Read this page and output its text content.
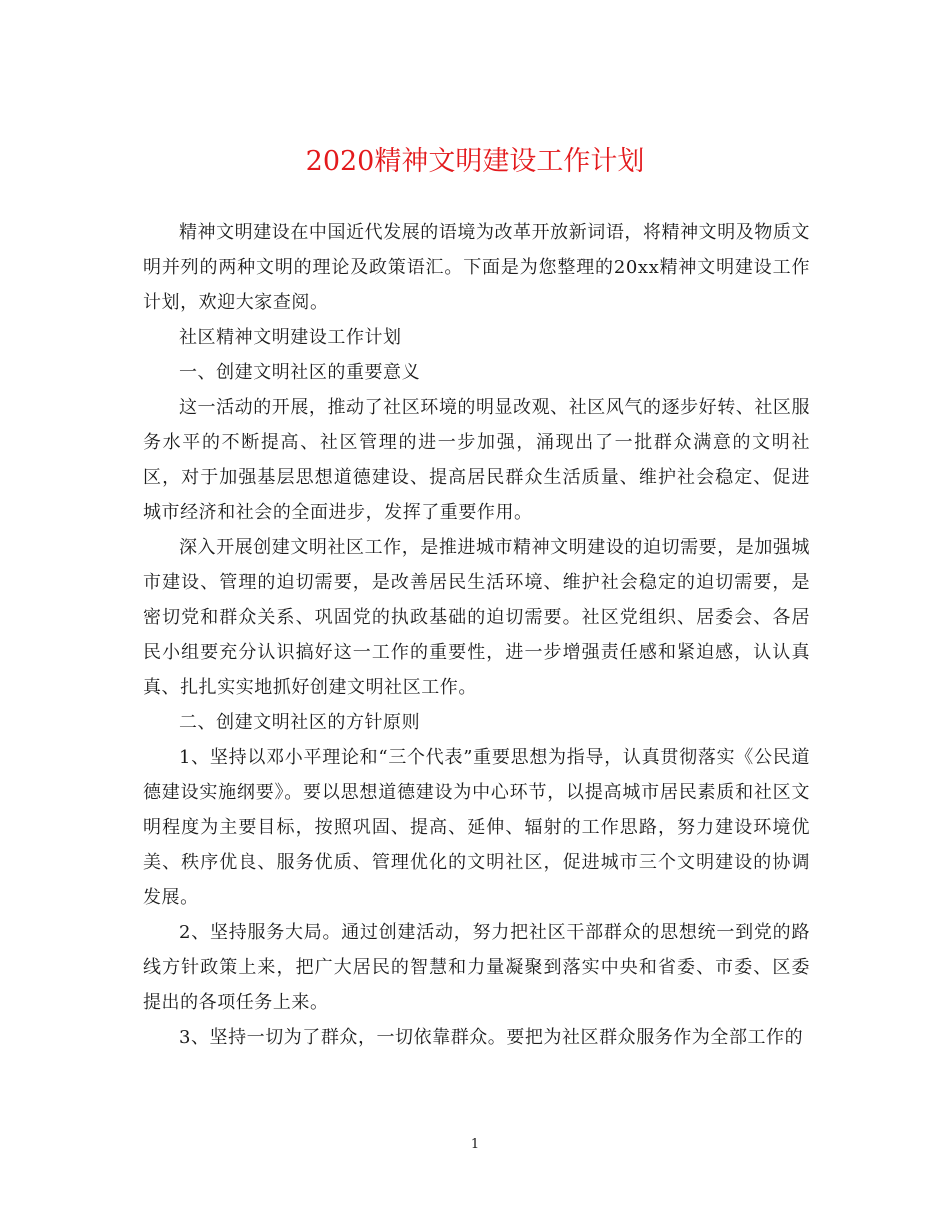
2020精神文明建设工作计划

精神文明建设在中国近代发展的语境为改革开放新词语，将精神文明及物质文明并列的两种文明的理论及政策语汇。下面是为您整理的20xx精神文明建设工作计划，欢迎大家查阅。

社区精神文明建设工作计划

一、创建文明社区的重要意义

这一活动的开展，推动了社区环境的明显改观、社区风气的逐步好转、社区服务水平的不断提高、社区管理的进一步加强，涌现出了一批群众满意的文明社区，对于加强基层思想道德建设、提高居民群众生活质量、维护社会稳定、促进城市经济和社会的全面进步，发挥了重要作用。

深入开展创建文明社区工作，是推进城市精神文明建设的迫切需要，是加强城市建设、管理的迫切需要，是改善居民生活环境、维护社会稳定的迫切需要，是密切党和群众关系、巩固党的执政基础的迫切需要。社区党组织、居委会、各居民小组要充分认识搞好这一工作的重要性，进一步增强责任感和紧迫感，认认真真、扎扎实实地抓好创建文明社区工作。

二、创建文明社区的方针原则

1、坚持以邓小平理论和“三个代表”重要思想为指导，认真贯彻落实《公民道德建设实施纲要》。要以思想道德建设为中心环节，以提高城市居民素质和社区文明程度为主要目标，按照巩固、提高、延伸、辐射的工作思路，努力建设环境优美、秩序优良、服务优质、管理优化的文明社区，促进城市三个文明建设的协调发展。

2、坚持服务大局。通过创建活动，努力把社区干部群众的思想统一到党的路线方针政策上来，把广大居民的智慧和力量凝聚到落实中央和省委、市委、区委提出的各项任务上来。

3、坚持一切为了群众，一切依靠群众。要把为社区群众服务作为全部工作的

1
